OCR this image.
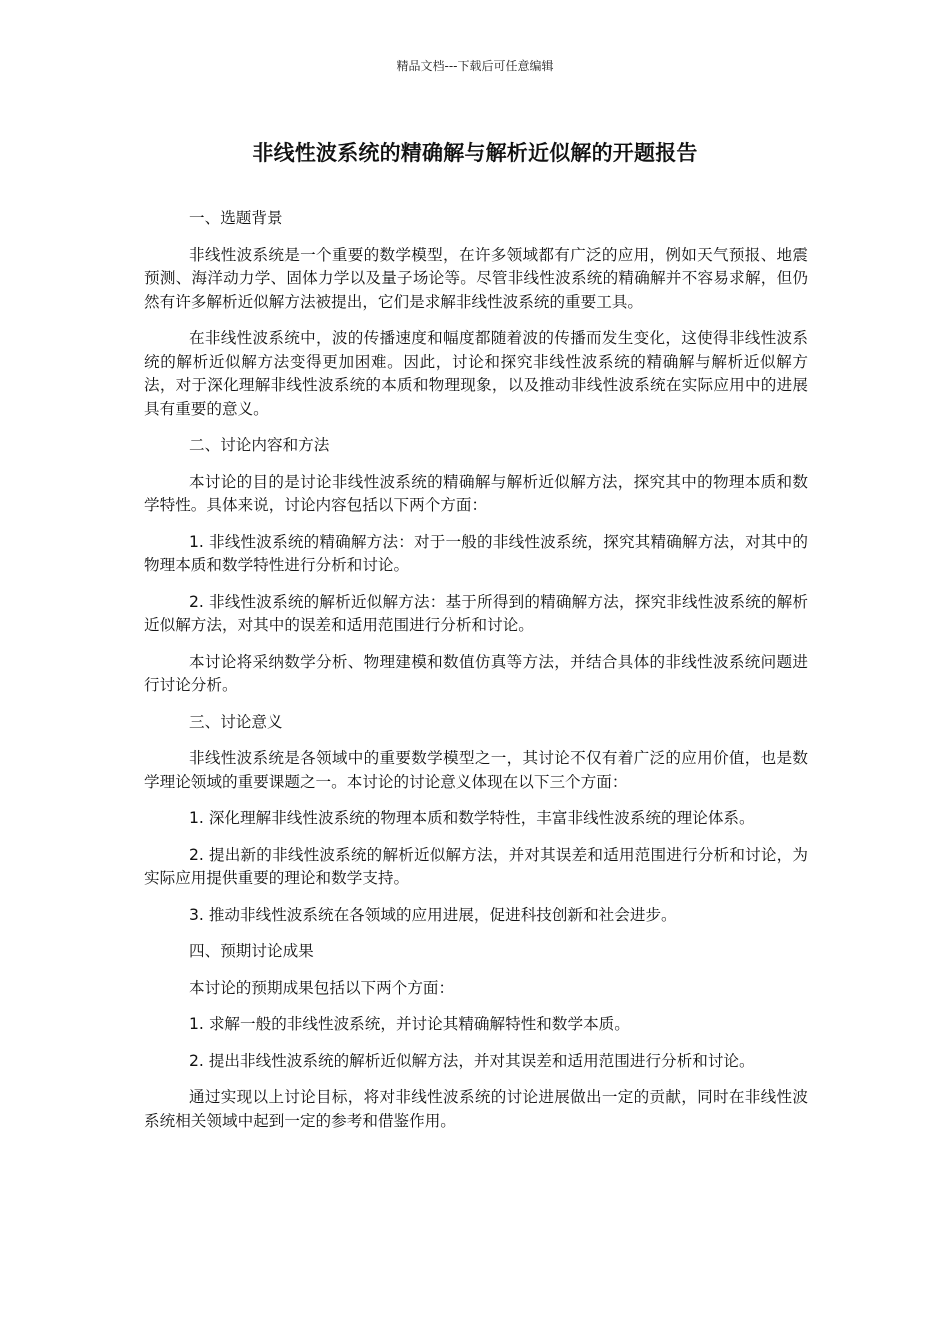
精品文档---下载后可任意编辑
非线性波系统的精确解与解析近似解的开题报告

一、选题背景

非线性波系统是一个重要的数学模型，在许多领域都有广泛的应用，例如天气预报、地震预测、海洋动力学、固体力学以及量子场论等。尽管非线性波系统的精确解并不容易求解，但仍然有许多解析近似解方法被提出，它们是求解非线性波系统的重要工具。

在非线性波系统中，波的传播速度和幅度都随着波的传播而发生变化，这使得非线性波系统的解析近似解方法变得更加困难。因此，讨论和探究非线性波系统的精确解与解析近似解方法，对于深化理解非线性波系统的本质和物理现象，以及推动非线性波系统在实际应用中的进展具有重要的意义。

二、讨论内容和方法

本讨论的目的是讨论非线性波系统的精确解与解析近似解方法，探究其中的物理本质和数学特性。具体来说，讨论内容包括以下两个方面：

1. 非线性波系统的精确解方法：对于一般的非线性波系统，探究其精确解方法，对其中的物理本质和数学特性进行分析和讨论。

2. 非线性波系统的解析近似解方法：基于所得到的精确解方法，探究非线性波系统的解析近似解方法，对其中的误差和适用范围进行分析和讨论。

本讨论将采纳数学分析、物理建模和数值仿真等方法，并结合具体的非线性波系统问题进行讨论分析。

三、讨论意义

非线性波系统是各领域中的重要数学模型之一，其讨论不仅有着广泛的应用价值，也是数学理论领域的重要课题之一。本讨论的讨论意义体现在以下三个方面：

1. 深化理解非线性波系统的物理本质和数学特性，丰富非线性波系统的理论体系。

2. 提出新的非线性波系统的解析近似解方法，并对其误差和适用范围进行分析和讨论，为实际应用提供重要的理论和数学支持。

3. 推动非线性波系统在各领域的应用进展，促进科技创新和社会进步。

四、预期讨论成果

本讨论的预期成果包括以下两个方面：

1. 求解一般的非线性波系统，并讨论其精确解特性和数学本质。

2. 提出非线性波系统的解析近似解方法，并对其误差和适用范围进行分析和讨论。

通过实现以上讨论目标，将对非线性波系统的讨论进展做出一定的贡献，同时在非线性波系统相关领域中起到一定的参考和借鉴作用。
